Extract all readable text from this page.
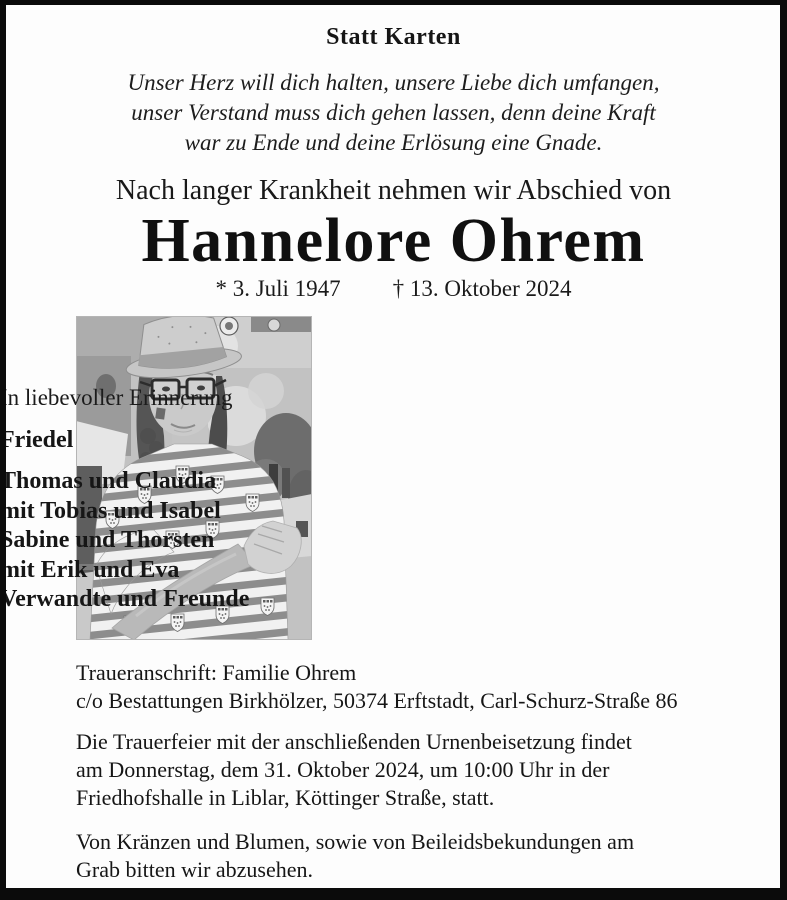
Statt Karten
Unser Herz will dich halten, unsere Liebe dich umfangen,
unser Verstand muss dich gehen lassen, denn deine Kraft
war zu Ende und deine Erlösung eine Gnade.
Nach langer Krankheit nehmen wir Abschied von
Hannelore Ohrem
* 3. Juli 1947 † 13. Oktober 2024
In liebevoller Erinnerung
Friedel
Thomas und Claudia
mit Tobias und Isabel
Sabine und Thorsten
mit Erik und Eva
Verwandte und Freunde
Traueranschrift: Familie Ohrem
c/o Bestattungen Birkhölzer, 50374 Erftstadt, Carl-Schurz-Straße 86
Die Trauerfeier mit der anschließenden Urnenbeisetzung findet
am Donnerstag, dem 31. Oktober 2024, um 10:00 Uhr in der
Friedhofshalle in Liblar, Köttinger Straße, statt.
Von Kränzen und Blumen, sowie von Beileidsbekundungen am
Grab bitten wir abzusehen.
